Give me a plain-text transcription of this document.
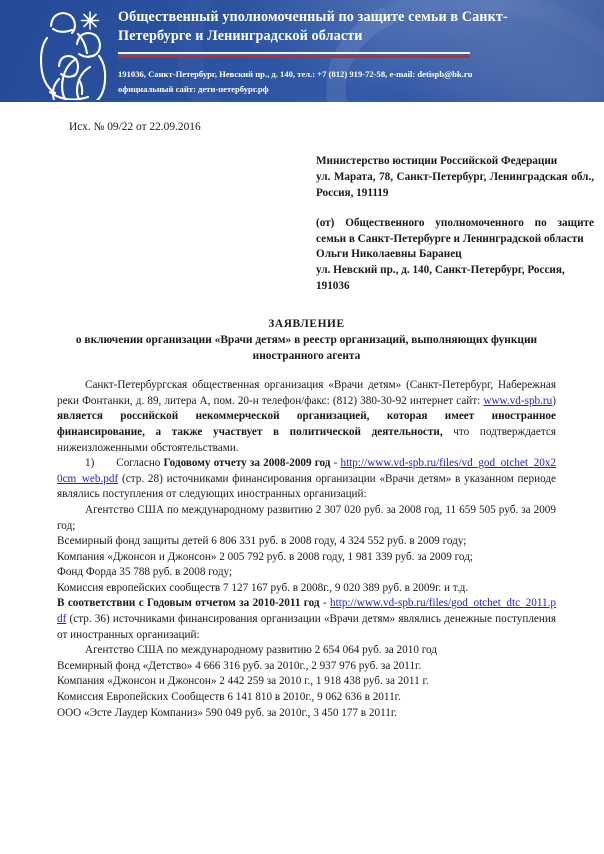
Общественный уполномоченный по защите семьи в Санкт-Петербурге и Ленинградской области
191036, Санкт-Петербург, Невский пр., д. 140, тел.: +7 (812) 919-72-58, e-mail: detispb@bk.ru
официальный сайт: дети-петербург.рф
Исх. № 09/22 от 22.09.2016

Министерство юстиции Российской Федерации

ул. Марата, 78, Санкт-Петербург, Ленинградская обл., Россия, 191119

(от) Общественного уполномоченного по защите семьи в Санкт-Петербурге и Ленинградской области

Ольги Николаевны Баранец

ул. Невский пр., д. 140, Санкт-Петербург, Россия, 191036

ЗАЯВЛЕНИЕ
о включении организации «Врачи детям» в реестр организаций, выполняющих функции иностранного агента

Санкт-Петербургская общественная организация «Врачи детям» (Санкт-Петербург, Набережная реки Фонтанки, д. 89, литера А, пом. 20-н телефон/факс: (812) 380-30-92 интернет сайт: www.vd-spb.ru) является российской некоммерческой организацией, которая имеет иностранное финансирование, а также участвует в политической деятельности, что подтверждается нижеизложенными обстоятельствами.

1) Согласно Годовому отчету за 2008-2009 год - http://www.vd-spb.ru/files/vd_god_otchet_20x20cm_web.pdf (стр. 28) источниками финансирования организации «Врачи детям» в указанном периоде являлись поступления от следующих иностранных организаций:

Агентство США по международному развитию 2 307 020 руб. за 2008 год, 11 659 505 руб. за 2009 год;

Всемирный фонд защиты детей 6 806 331 руб. в 2008 году, 4 324 552 руб. в 2009 году;

Компания «Джонсон и Джонсон» 2 005 792 руб. в 2008 году, 1 981 339 руб. за 2009 год;

Фонд Форда 35 788 руб. в 2008 году;

Комиссия европейских сообществ 7 127 167 руб. в 2008г., 9 020 389 руб. в 2009г. и т.д.

В соответствии с Годовым отчетом за 2010-2011 год - http://www.vd-spb.ru/files/god_otchet_dtc_2011.pdf (стр. 36) источниками финансирования организации «Врачи детям» являлись денежные поступления от иностранных организаций:

Агентство США по международному развитию 2 654 064 руб. за 2010 год

Всемирный фонд «Детство» 4 666 316 руб. за 2010г., 2 937 976 руб. за 2011г.

Компания «Джонсон и Джонсон» 2 442 259 за 2010 г., 1 918 438 руб. за 2011 г.

Комиссия Европейских Сообществ 6 141 810 в 2010г., 9 062 636 в 2011г.

ООО «Эсте Лаудер Компаниз» 590 049 руб. за 2010г., 3 450 177 в 2011г.
